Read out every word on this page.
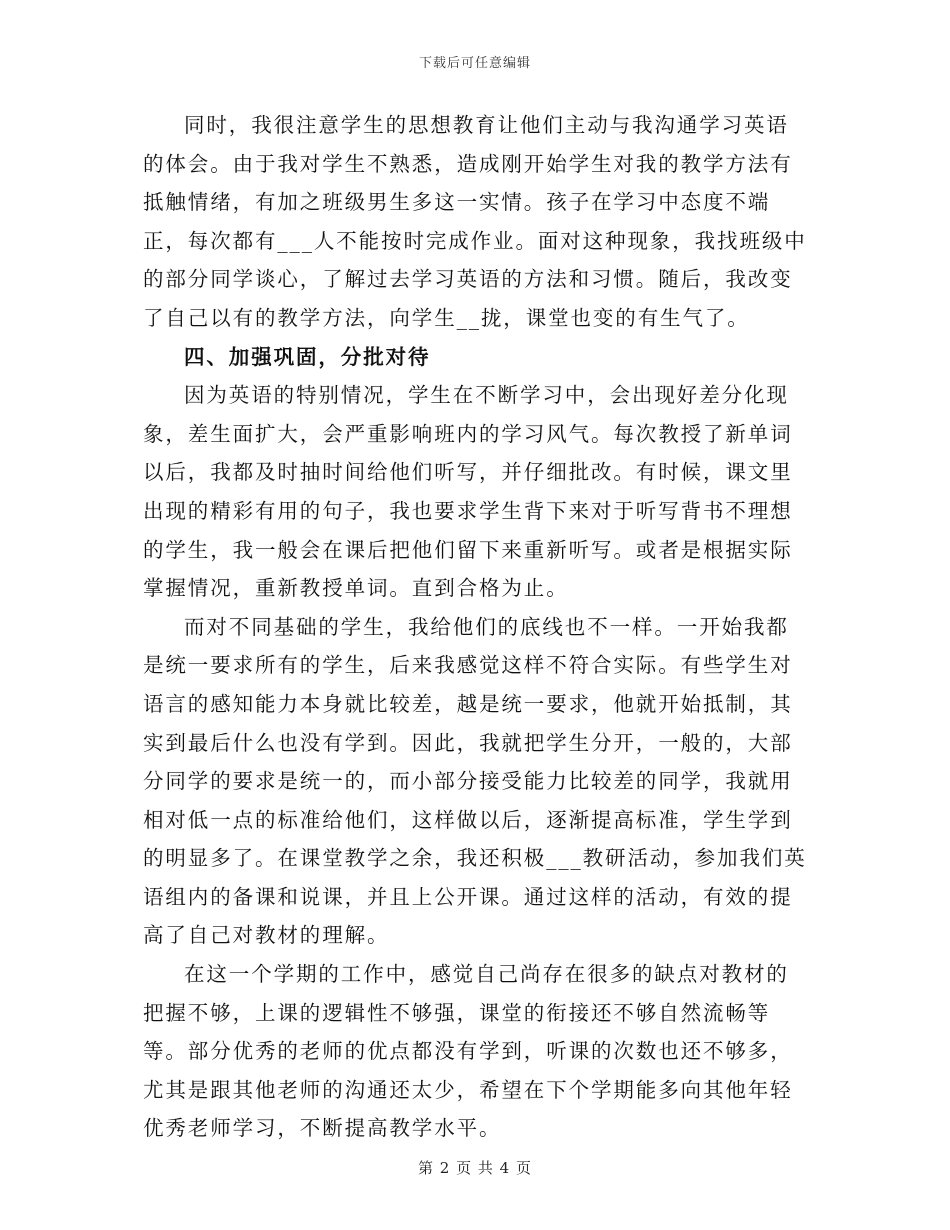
下载后可任意编辑

同时，我很注意学生的思想教育让他们主动与我沟通学习英语的体会。由于我对学生不熟悉，造成刚开始学生对我的教学方法有抵触情绪，有加之班级男生多这一实情。孩子在学习中态度不端正，每次都有___人不能按时完成作业。面对这种现象，我找班级中的部分同学谈心，了解过去学习英语的方法和习惯。随后，我改变了自己以有的教学方法，向学生__拢，课堂也变的有生气了。

四、加强巩固，分批对待

因为英语的特别情况，学生在不断学习中，会出现好差分化现象，差生面扩大，会严重影响班内的学习风气。每次教授了新单词以后，我都及时抽时间给他们听写，并仔细批改。有时候，课文里出现的精彩有用的句子，我也要求学生背下来对于听写背书不理想的学生，我一般会在课后把他们留下来重新听写。或者是根据实际掌握情况，重新教授单词。直到合格为止。

而对不同基础的学生，我给他们的底线也不一样。一开始我都是统一要求所有的学生，后来我感觉这样不符合实际。有些学生对语言的感知能力本身就比较差，越是统一要求，他就开始抵制，其实到最后什么也没有学到。因此，我就把学生分开，一般的，大部分同学的要求是统一的，而小部分接受能力比较差的同学，我就用相对低一点的标准给他们，这样做以后，逐渐提高标准，学生学到的明显多了。在课堂教学之余，我还积极___教研活动，参加我们英语组内的备课和说课，并且上公开课。通过这样的活动，有效的提高了自己对教材的理解。

在这一个学期的工作中，感觉自己尚存在很多的缺点对教材的把握不够，上课的逻辑性不够强，课堂的衔接还不够自然流畅等等。部分优秀的老师的优点都没有学到，听课的次数也还不够多，尤其是跟其他老师的沟通还太少，希望在下个学期能多向其他年轻优秀老师学习，不断提高教学水平。

第 2 页 共 4 页
